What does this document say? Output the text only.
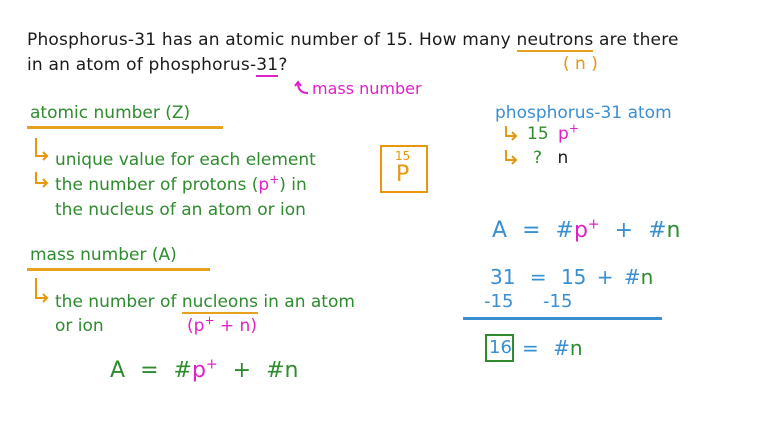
Phosphorus-31 has an atomic number of 15. How many neutrons are there
in an atom of phosphorus-31?	( n )
mass number
atomic number (Z)
unique value for each element
the number of protons (p+) in
the nucleus of an atom or ion
15
P
mass number (A)
the number of nucleons in an atom
or ion	(p+ + n)
A = #p+ + #n
phosphorus-31 atom
15 p+
? n
A = #p+ + #n
31 = 15 + #n
-15 -15
16 = #n
